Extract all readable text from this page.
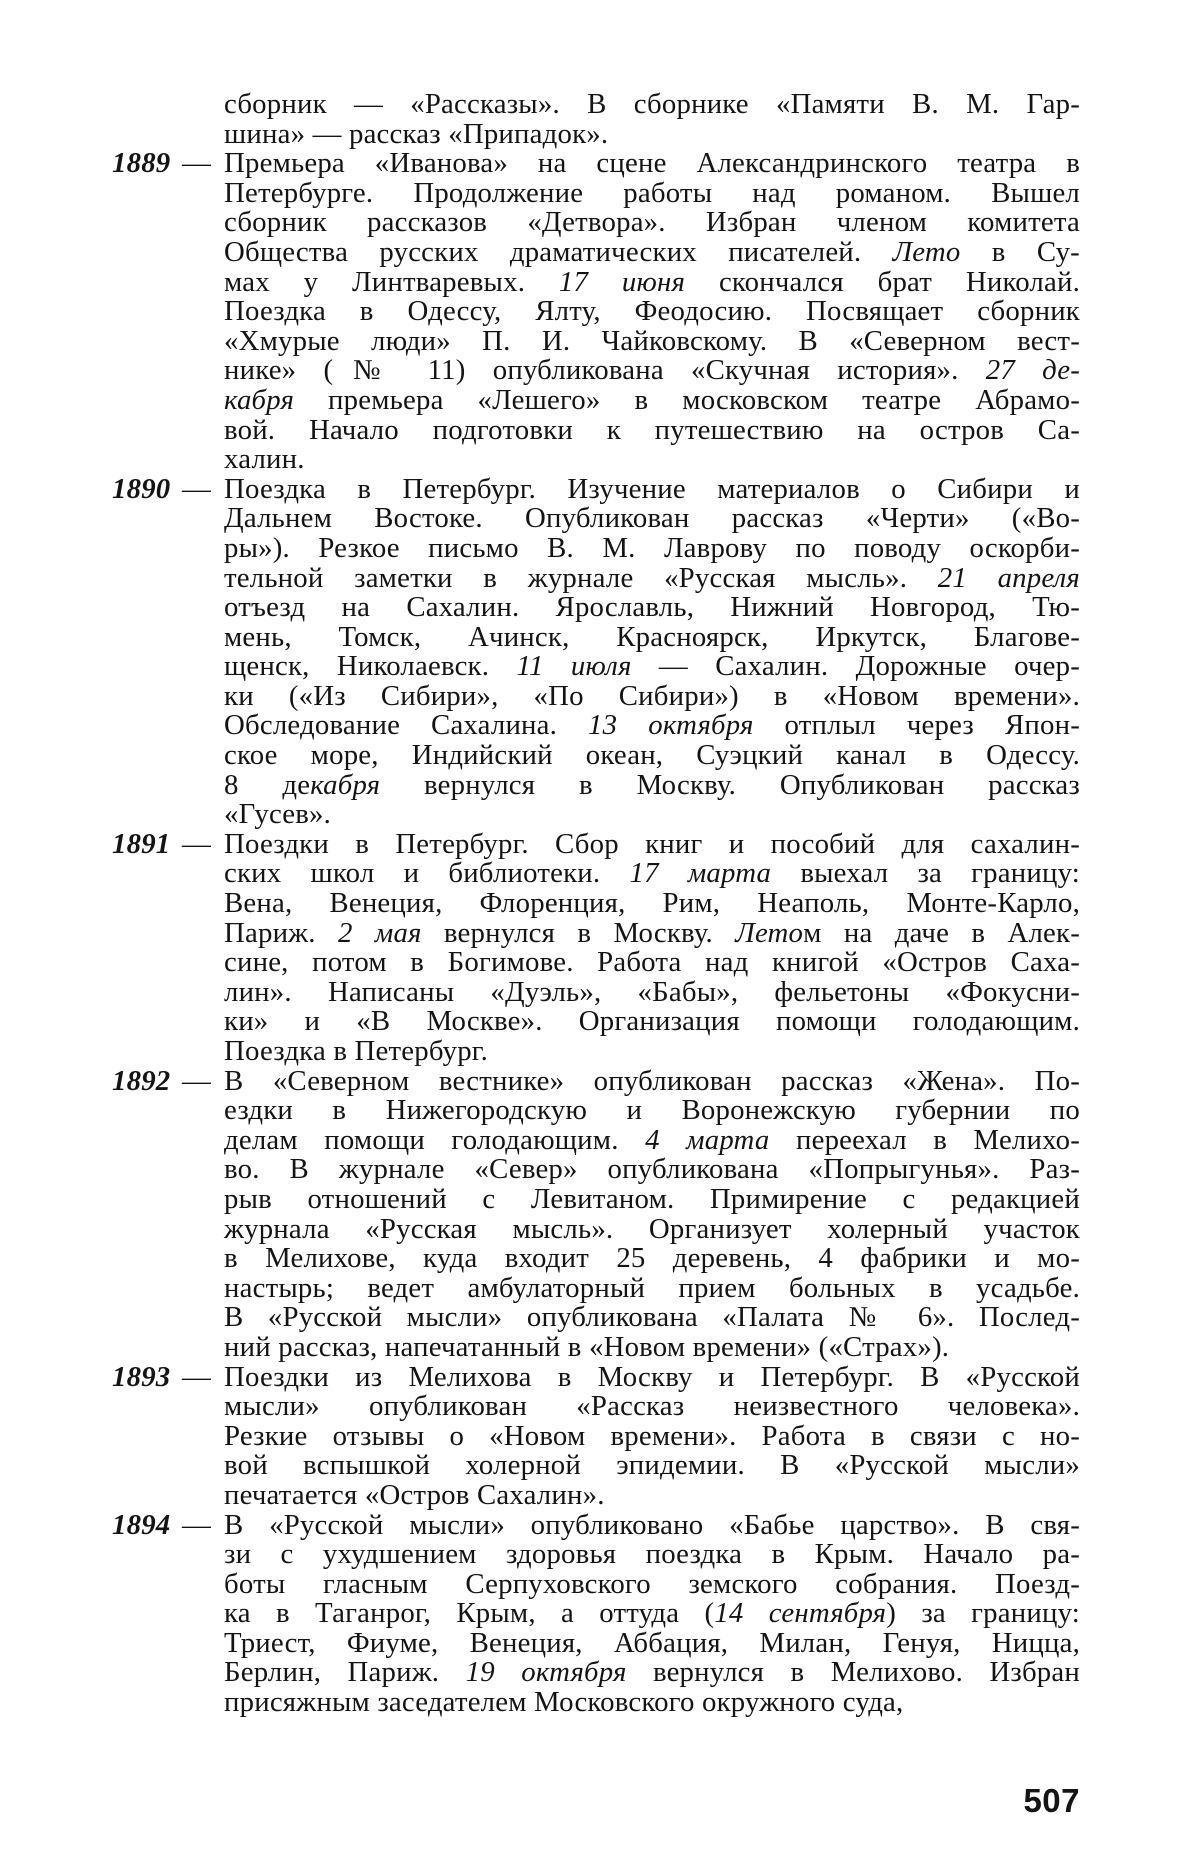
сборник — «Рассказы». В сборнике «Памяти В. М. Гар-
шина» — рассказ «Припадок».
1889 — Премьера «Иванова» на сцене Александринского театра в
Петербурге. Продолжение работы над романом. Вышел
сборник рассказов «Детвора». Избран членом комитета
Общества русских драматических писателей. Лето в Су-
мах у Линтваревых. 17 июня скончался брат Николай.
Поездка в Одессу, Ялту, Феодосию. Посвящает сборник
«Хмурые люди» П. И. Чайковскому. В «Северном вест-
нике» (№ 11) опубликована «Скучная история». 27 де-
кабря премьера «Лешего» в московском театре Абрамо-
вой. Начало подготовки к путешествию на остров Са-
халин.
1890 — Поездка в Петербург. Изучение материалов о Сибири и
Дальнем Востоке. Опубликован рассказ «Черти» («Во-
ры»). Резкое письмо В. М. Лаврову по поводу оскорби-
тельной заметки в журнале «Русская мысль». 21 апреля
отъезд на Сахалин. Ярославль, Нижний Новгород, Тю-
мень, Томск, Ачинск, Красноярск, Иркутск, Благове-
щенск, Николаевск. 11 июля — Сахалин. Дорожные очер-
ки («Из Сибири», «По Сибири») в «Новом времени».
Обследование Сахалина. 13 октября отплыл через Япон-
ское море, Индийский океан, Суэцкий канал в Одессу.
8 декабря вернулся в Москву. Опубликован рассказ
«Гусев».
1891 — Поездки в Петербург. Сбор книг и пособий для сахалин-
ских школ и библиотеки. 17 марта выехал за границу:
Вена, Венеция, Флоренция, Рим, Неаполь, Монте-Карло,
Париж. 2 мая вернулся в Москву. Летом на даче в Алек-
сине, потом в Богимове. Работа над книгой «Остров Саха-
лин». Написаны «Дуэль», «Бабы», фельетоны «Фокусни-
ки» и «В Москве». Организация помощи голодающим.
Поездка в Петербург.
1892 — В «Северном вестнике» опубликован рассказ «Жена». По-
ездки в Нижегородскую и Воронежскую губернии по
делам помощи голодающим. 4 марта переехал в Мелихо-
во. В журнале «Север» опубликована «Попрыгунья». Раз-
рыв отношений с Левитаном. Примирение с редакцией
журнала «Русская мысль». Организует холерный участок
в Мелихове, куда входит 25 деревень, 4 фабрики и мо-
настырь; ведет амбулаторный прием больных в усадьбе.
В «Русской мысли» опубликована «Палата № 6». Послед-
ний рассказ, напечатанный в «Новом времени» («Страх»).
1893 — Поездки из Мелихова в Москву и Петербург. В «Русской
мысли» опубликован «Рассказ неизвестного человека».
Резкие отзывы о «Новом времени». Работа в связи с но-
вой вспышкой холерной эпидемии. В «Русской мысли»
печатается «Остров Сахалин».
1894 — В «Русской мысли» опубликовано «Бабье царство». В свя-
зи с ухудшением здоровья поездка в Крым. Начало ра-
боты гласным Серпуховского земского собрания. Поезд-
ка в Таганрог, Крым, а оттуда (14 сентября) за границу:
Триест, Фиуме, Венеция, Аббация, Милан, Генуя, Ницца,
Берлин, Париж. 19 октября вернулся в Мелихово. Избран
присяжным заседателем Московского окружного суда,
507
